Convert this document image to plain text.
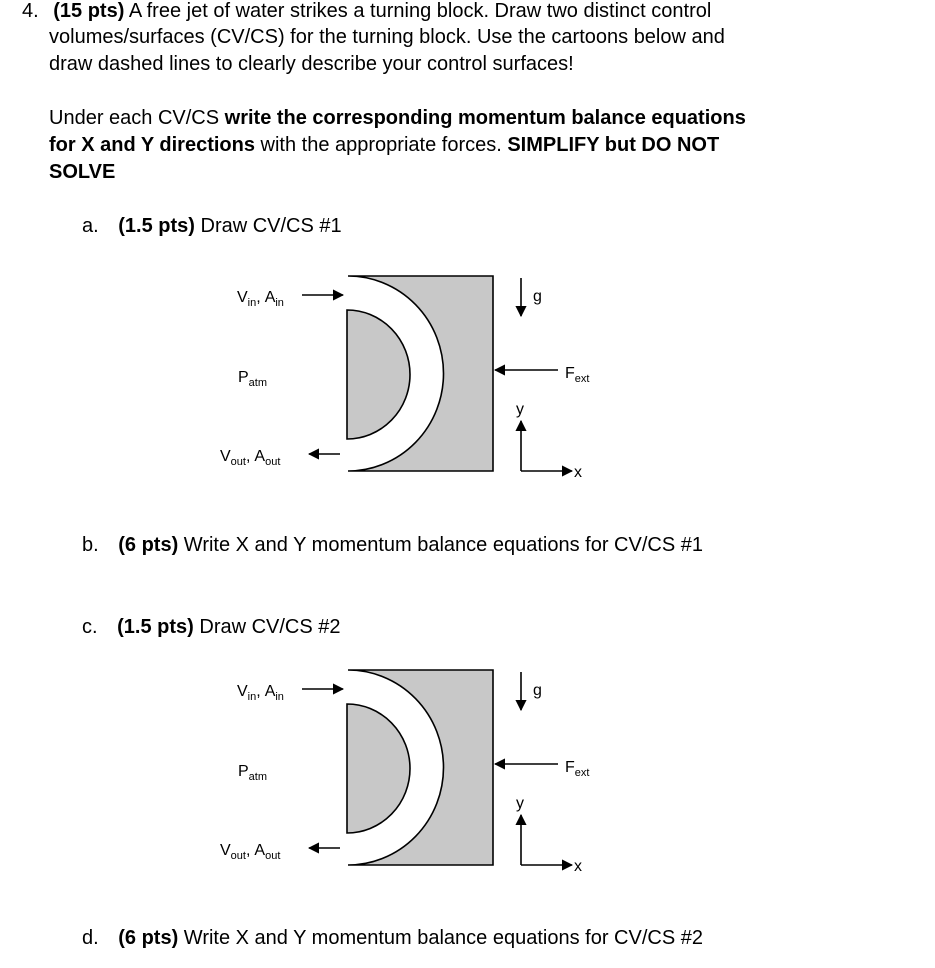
4. (15 pts) A free jet of water strikes a turning block. Draw two distinct control
volumes/surfaces (CV/CS) for the turning block. Use the cartoons below and
draw dashed lines to clearly describe your control surfaces!
Under each CV/CS write the corresponding momentum balance equations
for X and Y directions with the appropriate forces. SIMPLIFY but DO NOT
SOLVE
a. (1.5 pts) Draw CV/CS #1
$V_{in}$, $A_{in}$
$P_{atm}$
$V_{out}$, $A_{out}$
g
$F_{ext}$
y
x
b. (6 pts) Write X and Y momentum balance equations for CV/CS #1
c. (1.5 pts) Draw CV/CS #2
$V_{in}$, $A_{in}$
$P_{atm}$
$V_{out}$, $A_{out}$
g
$F_{ext}$
y
x
d. (6 pts) Write X and Y momentum balance equations for CV/CS #2
